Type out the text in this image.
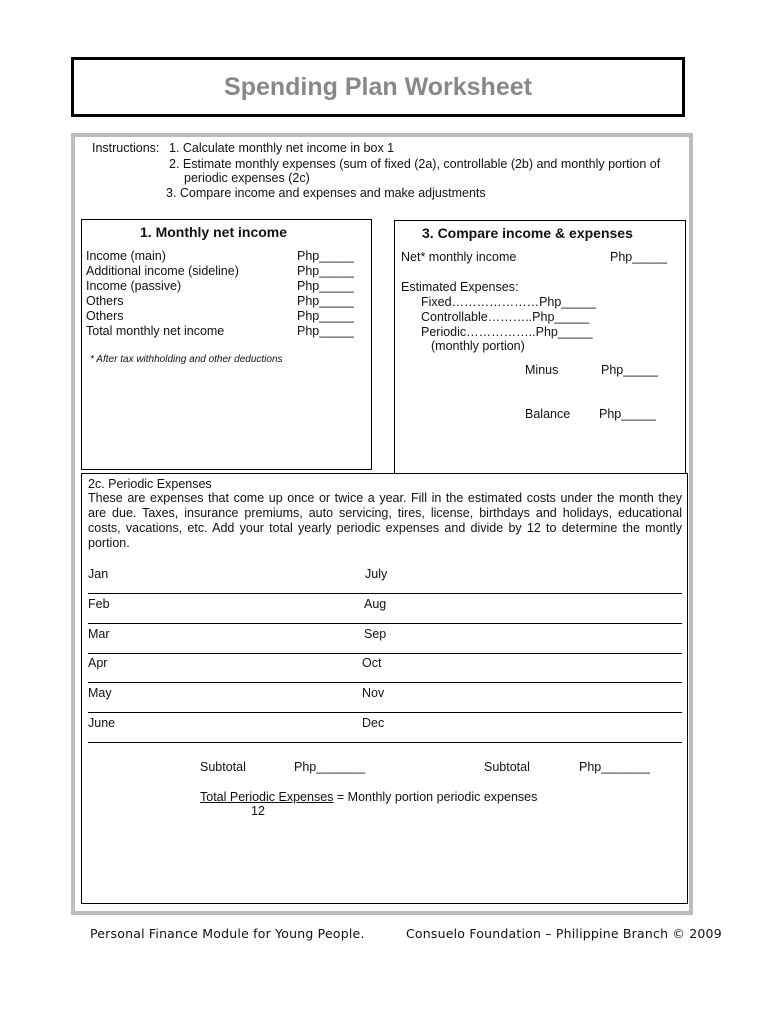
Spending Plan Worksheet
Instructions: 1. Calculate monthly net income in box 1
2. Estimate monthly expenses (sum of fixed (2a), controllable (2b) and monthly portion of
periodic expenses (2c)
3. Compare income and expenses and make adjustments
1. Monthly net income
Income (main)	Php_____
Additional income (sideline)	Php_____
Income (passive)	Php_____
Others	Php_____
Others	Php_____
Total monthly net income	Php_____
* After tax withholding and other deductions
3. Compare income & expenses
Net* monthly income	Php_____
Estimated Expenses:
Fixed…………………Php_____
Controllable………..Php_____
Periodic……………..Php_____
(monthly portion)
Minus	Php_____
Balance Php_____
2c. Periodic Expenses
These are expenses that come up once or twice a year. Fill in the estimated costs under the month they are due. Taxes, insurance premiums, auto servicing, tires, license, birthdays and holidays, educational costs, vacations, etc. Add your total yearly periodic expenses and divide by 12 to determine the montly portion.
Jan	July
Feb	Aug
Mar	Sep
Apr	Oct
May	Nov
June	Dec
Subtotal	Php_______	Subtotal	Php_______
Total Periodic Expenses = Monthly portion periodic expenses
12
Personal Finance Module for Young People.	Consuelo Foundation – Philippine Branch © 2009
